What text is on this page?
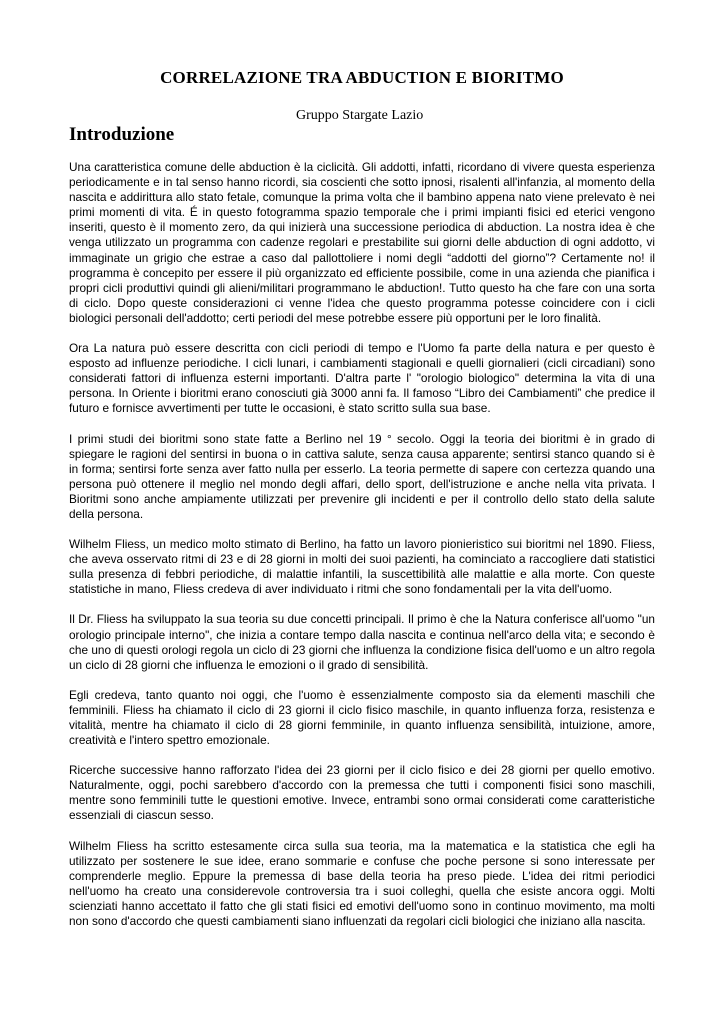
CORRELAZIONE TRA ABDUCTION E BIORITMO
Gruppo Stargate Lazio
Introduzione

Una caratteristica comune delle abduction è la ciclicità. Gli addotti, infatti, ricordano di vivere questa esperienza periodicamente e in tal senso hanno ricordi, sia coscienti che sotto ipnosi, risalenti all'infanzia, al momento della nascita e addirittura allo stato fetale, comunque la prima volta che il bambino appena nato viene prelevato è nei primi momenti di vita. É in questo fotogramma spazio temporale che i primi impianti fisici ed eterici vengono inseriti, questo è il momento zero, da qui inizierà una successione periodica di abduction. La nostra idea è che venga utilizzato un programma con cadenze regolari e prestabilite sui giorni delle abduction di ogni addotto, vi immaginate un grigio che estrae a caso dal pallottoliere i nomi degli “addotti del giorno”? Certamente no! il programma è concepito per essere il più organizzato ed efficiente possibile, come in una azienda che pianifica i propri cicli produttivi quindi gli alieni/militari programmano le abduction!. Tutto questo ha che fare con una sorta di ciclo. Dopo queste considerazioni ci venne l'idea che questo programma potesse coincidere con i cicli biologici personali dell'addotto; certi periodi del mese potrebbe essere più opportuni per le loro finalità.

Ora La natura può essere descritta con cicli periodi di tempo e l'Uomo fa parte della natura e per questo è esposto ad influenze periodiche. I cicli lunari, i cambiamenti stagionali e quelli giornalieri (cicli circadiani) sono considerati fattori di influenza esterni importanti. D'altra parte l' "orologio biologico" determina la vita di una persona. In Oriente i bioritmi erano conosciuti già 3000 anni fa. Il famoso “Libro dei Cambiamenti” che predice il futuro e fornisce avvertimenti per tutte le occasioni, è stato scritto sulla sua base.

I primi studi dei bioritmi sono state fatte a Berlino nel 19 ° secolo. Oggi la teoria dei bioritmi è in grado di spiegare le ragioni del sentirsi in buona o in cattiva salute, senza causa apparente; sentirsi stanco quando si è in forma; sentirsi forte senza aver fatto nulla per esserlo. La teoria permette di sapere con certezza quando una persona può ottenere il meglio nel mondo degli affari, dello sport, dell'istruzione e anche nella vita privata. I Bioritmi sono anche ampiamente utilizzati per prevenire gli incidenti e per il controllo dello stato della salute della persona.

Wilhelm Fliess, un medico molto stimato di Berlino, ha fatto un lavoro pionieristico sui bioritmi nel 1890. Fliess, che aveva osservato ritmi di 23 e di 28 giorni in molti dei suoi pazienti, ha cominciato a raccogliere dati statistici sulla presenza di febbri periodiche, di malattie infantili, la suscettibilità alle malattie e alla morte. Con queste statistiche in mano, Fliess credeva di aver individuato i ritmi che sono fondamentali per la vita dell'uomo.

Il Dr. Fliess ha sviluppato la sua teoria su due concetti principali. Il primo è che la Natura conferisce all'uomo "un orologio principale interno", che inizia a contare tempo dalla nascita e continua nell'arco della vita; e secondo è che uno di questi orologi regola un ciclo di 23 giorni che influenza la condizione fisica dell'uomo e un altro regola un ciclo di 28 giorni che influenza le emozioni o il grado di sensibilità.

Egli credeva, tanto quanto noi oggi, che l'uomo è essenzialmente composto sia da elementi maschili che femminili. Fliess ha chiamato il ciclo di 23 giorni il ciclo fisico maschile, in quanto influenza forza, resistenza e vitalità, mentre ha chiamato il ciclo di 28 giorni femminile, in quanto influenza sensibilità, intuizione, amore, creatività e l'intero spettro emozionale.

Ricerche successive hanno rafforzato l'idea dei 23 giorni per il ciclo fisico e dei 28 giorni per quello emotivo. Naturalmente, oggi, pochi sarebbero d'accordo con la premessa che tutti i componenti fisici sono maschili, mentre sono femminili tutte le questioni emotive. Invece, entrambi sono ormai considerati come caratteristiche essenziali di ciascun sesso.

Wilhelm Fliess ha scritto estesamente circa sulla sua teoria, ma la matematica e la statistica che egli ha utilizzato per sostenere le sue idee, erano sommarie e confuse che poche persone si sono interessate per comprenderle meglio. Eppure la premessa di base della teoria ha preso piede. L'idea dei ritmi periodici nell'uomo ha creato una considerevole controversia tra i suoi colleghi, quella che esiste ancora oggi. Molti scienziati hanno accettato il fatto che gli stati fisici ed emotivi dell'uomo sono in continuo movimento, ma molti non sono d'accordo che questi cambiamenti siano influenzati da regolari cicli biologici che iniziano alla nascita.
